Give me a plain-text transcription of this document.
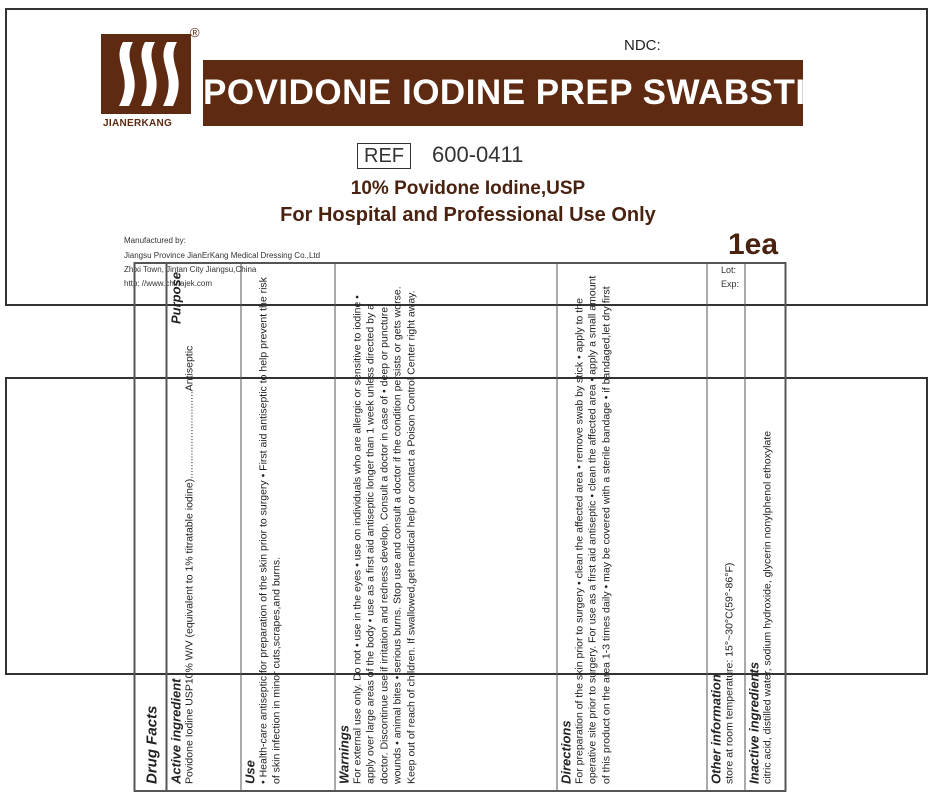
®
JIANERKANG
NDC:
POVIDONE IODINE PREP SWABSTICK
REF	600-0411
10% Povidone Iodine,USP
For Hospital and Professional Use Only
Manufactured by:
Jiangsu Province JianErKang Medical Dressing Co.,Ltd
Zhixi Town, Jintan City Jiangsu,China
http: //www.chinajek.com
1ea
Lot:
Exp:
Drug Facts Active ingredient
Purpose
Povidone Iodine USP10% W/V (equivalent to 1% titratable iodine)..............................Antiseptic	Use • Health-care antiseptic for preparation of the skin prior to surgery • First aid antiseptic to help prevent the risk of skin infection in minor cuts,scrapes,and burns.	Warnings For external use only. Do not • use in the eyes • use on individuals who are allergic or sensitive to iodine • apply over large areas of the body • use as a first aid antiseptic longer than 1 week unless directed by a doctor. Discontinue use if irritation and redness develop. Consult a doctor in case of • deep or puncture wounds • animal bites • serious burns. Stop use and consult a doctor if the condition persists or gets worse. Keep out of reach of children. If swallowed,get medical help or contact a Poison Control Center right away.	Directions For preparation of the skin prior to surgery • clean the affected area • remove swab by stick • apply to the operative site prior to surgery. For use as a first aid antiseptic • clean the affected area • apply a small amount of this product on the area 1-3 times daily • may be covered with a sterile bandage • if bandaged,let dry first	Other information store at room temperature: 15°~30°C(59°-86°F) Inactive ingredients citric acid, distilled water, sodium hydroxide, glycerin nonylphenol ethoxylate
